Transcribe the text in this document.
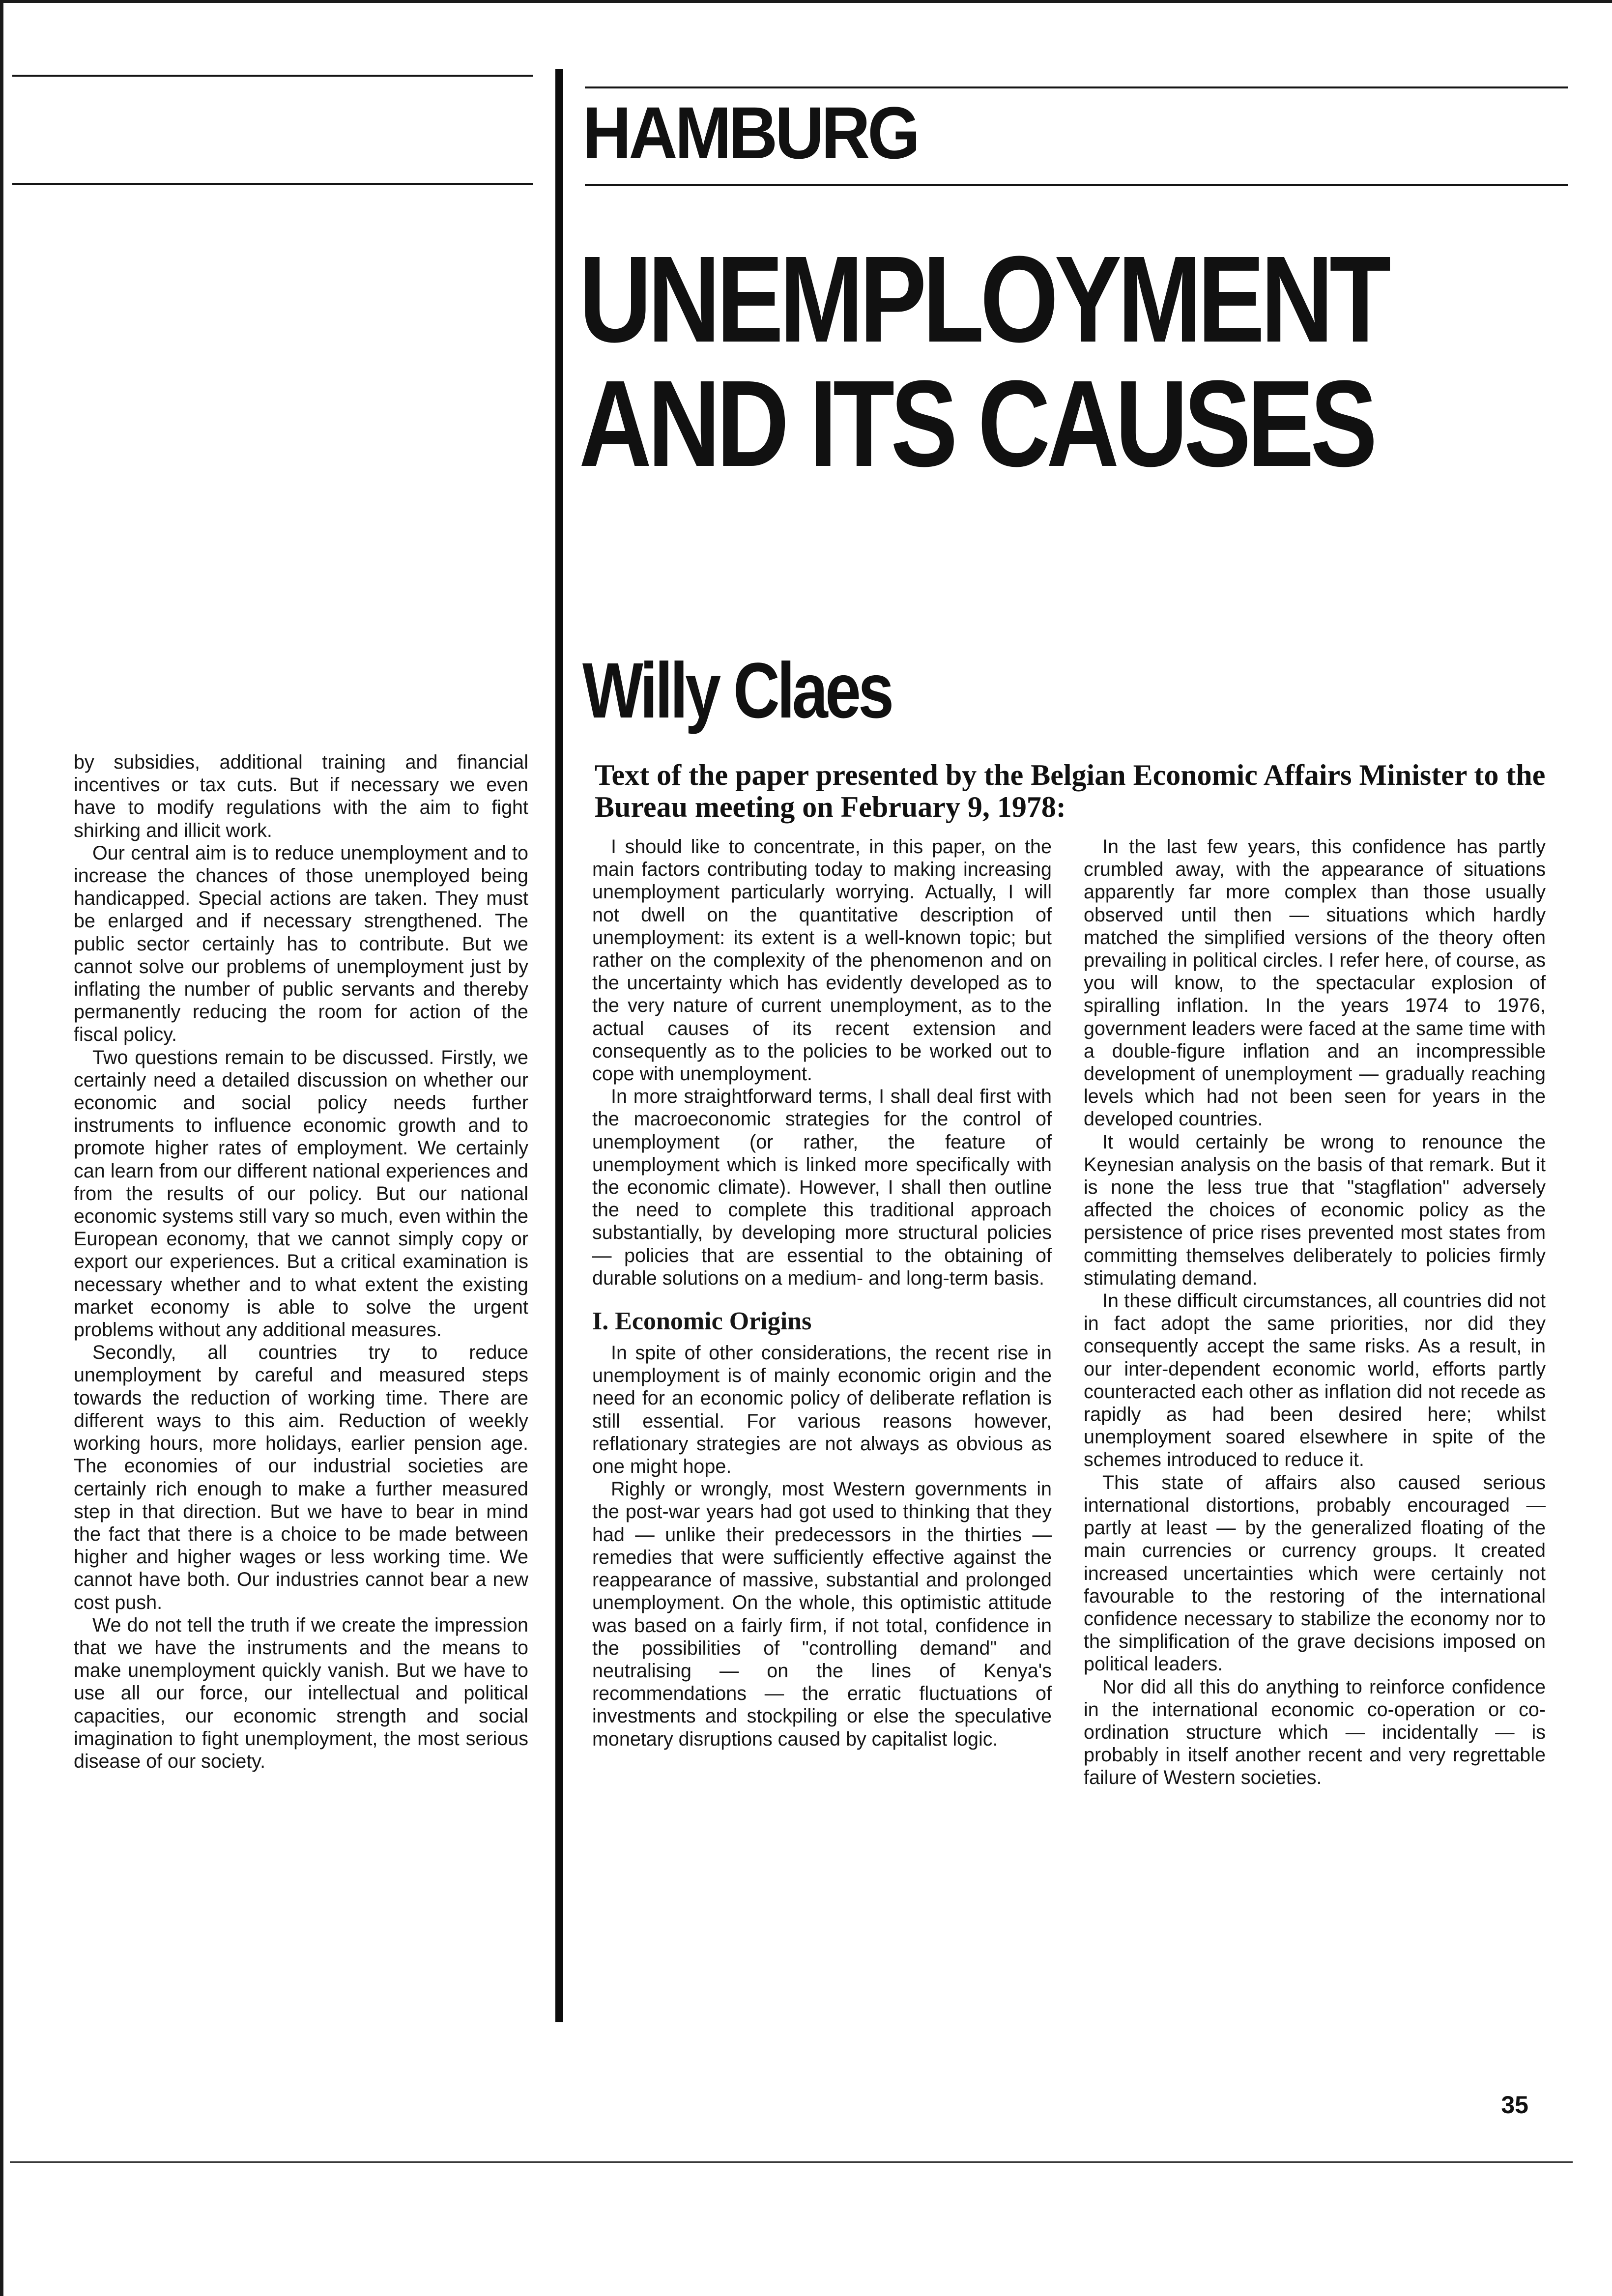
HAMBURG
UNEMPLOYMENT
AND ITS CAUSES
Willy Claes

Text of the paper presented by the Belgian Economic Affairs Minister to the Bureau meeting on February 9, 1978:

by subsidies, additional training and financial incentives or tax cuts. But if necessary we even have to modify regulations with the aim to fight shirking and illicit work.

Our central aim is to reduce unemployment and to increase the chances of those unemployed being handicapped. Special actions are taken. They must be enlarged and if necessary strengthened. The public sector certainly has to contribute. But we cannot solve our problems of unemployment just by inflating the number of public servants and thereby permanently reducing the room for action of the fiscal policy.

Two questions remain to be discussed. Firstly, we certainly need a detailed discussion on whether our economic and social policy needs further instruments to influence economic growth and to promote higher rates of employment. We certainly can learn from our different national experiences and from the results of our policy. But our national economic systems still vary so much, even within the European economy, that we cannot simply copy or export our experiences. But a critical examination is necessary whether and to what extent the existing market economy is able to solve the urgent problems without any additional measures.

Secondly, all countries try to reduce unemployment by careful and measured steps towards the reduction of working time. There are different ways to this aim. Reduction of weekly working hours, more holidays, earlier pension age. The economies of our industrial societies are certainly rich enough to make a further measured step in that direction. But we have to bear in mind the fact that there is a choice to be made between higher and higher wages or less working time. We cannot have both. Our industries cannot bear a new cost push.

We do not tell the truth if we create the impression that we have the instruments and the means to make unemployment quickly vanish. But we have to use all our force, our intellectual and political capacities, our economic strength and social imagination to fight unemployment, the most serious disease of our society.

I should like to concentrate, in this paper, on the main factors contributing today to making increasing unemployment particularly worrying. Actually, I will not dwell on the quantitative description of unemployment: its extent is a well-known topic; but rather on the complexity of the phenomenon and on the uncertainty which has evidently developed as to the very nature of current unemployment, as to the actual causes of its recent extension and consequently as to the policies to be worked out to cope with unemployment.

In more straightforward terms, I shall deal first with the macroeconomic strategies for the control of unemployment (or rather, the feature of unemployment which is linked more specifically with the economic climate). However, I shall then outline the need to complete this traditional approach substantially, by developing more structural policies — policies that are essential to the obtaining of durable solutions on a medium- and long-term basis.

I. Economic Origins

In spite of other considerations, the recent rise in unemployment is of mainly economic origin and the need for an economic policy of deliberate reflation is still essential. For various reasons however, reflationary strategies are not always as obvious as one might hope.

Righly or wrongly, most Western governments in the post-war years had got used to thinking that they had — unlike their predecessors in the thirties — remedies that were sufficiently effective against the reappearance of massive, substantial and prolonged unemployment. On the whole, this optimistic attitude was based on a fairly firm, if not total, confidence in the possibilities of "controlling demand" and neutralising — on the lines of Kenya's recommendations — the erratic fluctuations of investments and stockpiling or else the speculative monetary disruptions caused by capitalist logic.

In the last few years, this confidence has partly crumbled away, with the appearance of situations apparently far more complex than those usually observed until then — situations which hardly matched the simplified versions of the theory often prevailing in political circles. I refer here, of course, as you will know, to the spectacular explosion of spiralling inflation. In the years 1974 to 1976, government leaders were faced at the same time with a double-figure inflation and an incompressible development of unemployment — gradually reaching levels which had not been seen for years in the developed countries.

It would certainly be wrong to renounce the Keynesian analysis on the basis of that remark. But it is none the less true that "stagflation" adversely affected the choices of economic policy as the persistence of price rises prevented most states from committing themselves deliberately to policies firmly stimulating demand.

In these difficult circumstances, all countries did not in fact adopt the same priorities, nor did they consequently accept the same risks. As a result, in our inter-dependent economic world, efforts partly counteracted each other as inflation did not recede as rapidly as had been desired here; whilst unemployment soared elsewhere in spite of the schemes introduced to reduce it.

This state of affairs also caused serious international distortions, probably encouraged — partly at least — by the generalized floating of the main currencies or currency groups. It created increased uncertainties which were certainly not favourable to the restoring of the international confidence necessary to stabilize the economy nor to the simplification of the grave decisions imposed on political leaders.

Nor did all this do anything to reinforce confidence in the international economic co-operation or co-ordination structure which — incidentally — is probably in itself another recent and very regrettable failure of Western societies.

35
